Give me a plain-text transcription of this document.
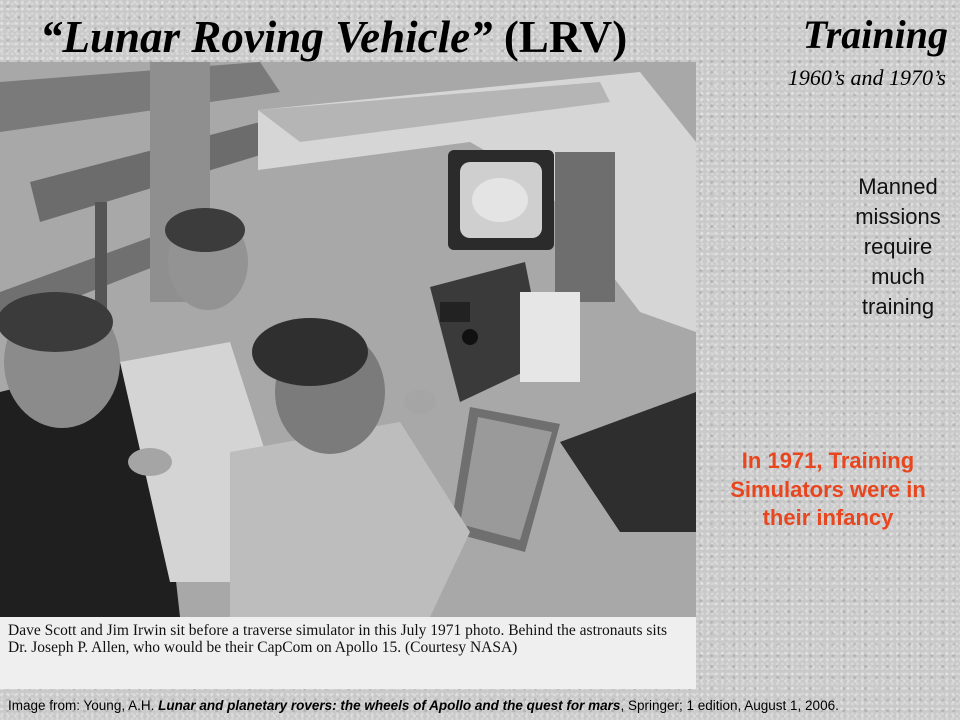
“Lunar Roving Vehicle” (LRV)	Training
1960’s and 1970’s
Dave Scott and Jim Irwin sit before a traverse simulator in this July 1971 photo. Behind the astronauts sits Dr. Joseph P. Allen, who would be their CapCom on Apollo 15. (Courtesy NASA)
Manned missions require much training
In 1971, Training Simulators were in their infancy
Image from: Young, A.H. Lunar and planetary rovers: the wheels of Apollo and the quest for mars, Springer; 1 edition, August 1, 2006.
